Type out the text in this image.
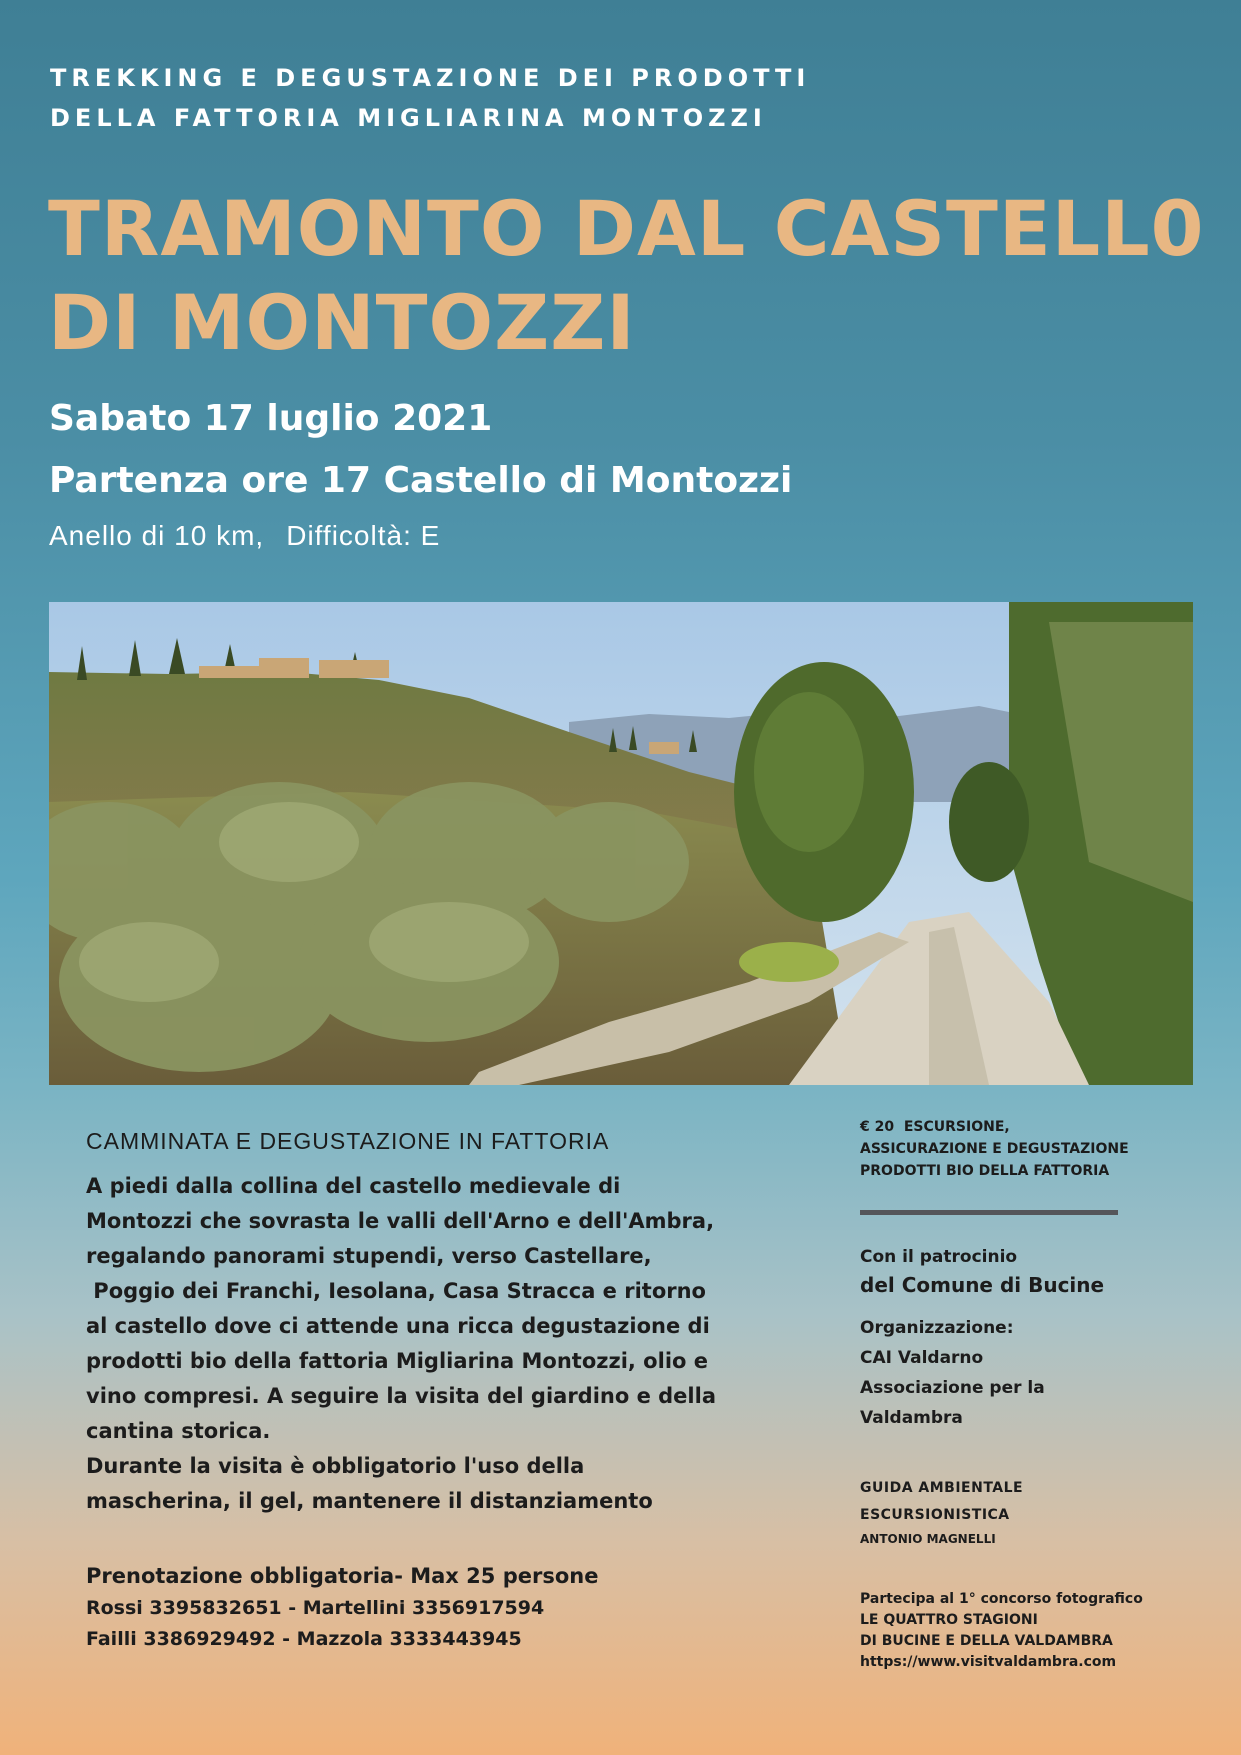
TREKKING E DEGUSTAZIONE DEI PRODOTTI
DELLA FATTORIA MIGLIARINA MONTOZZI
TRAMONTO DAL CASTELL0
DI MONTOZZI
Sabato 17 luglio 2021
Partenza ore 17 Castello di Montozzi
Anello di 10 km, Difficoltà: E
CAMMINATA E DEGUSTAZIONE IN FATTORIA
A piedi dalla collina del castello medievale di
Montozzi che sovrasta le valli dell'Arno e dell'Ambra,
regalando panorami stupendi, verso Castellare,
Poggio dei Franchi, Iesolana, Casa Stracca e ritorno
al castello dove ci attende una ricca degustazione di
prodotti bio della fattoria Migliarina Montozzi, olio e
vino compresi. A seguire la visita del giardino e della
cantina storica.
Durante la visita è obbligatorio l'uso della
mascherina, il gel, mantenere il distanziamento
Prenotazione obbligatoria- Max 25 persone
Rossi 3395832651 - Martellini 3356917594
Failli 3386929492 - Mazzola 3333443945
€ 20  ESCURSIONE,
ASSICURAZIONE E DEGUSTAZIONE
PRODOTTI BIO DELLA FATTORIA
Con il patrocinio
del Comune di Bucine
Organizzazione:
CAI Valdarno
Associazione per la
Valdambra
GUIDA AMBIENTALE
ESCURSIONISTICA
ANTONIO MAGNELLI
Partecipa al 1° concorso fotografico
LE QUATTRO STAGIONI
DI BUCINE E DELLA VALDAMBRA
https://www.visitvaldambra.com
